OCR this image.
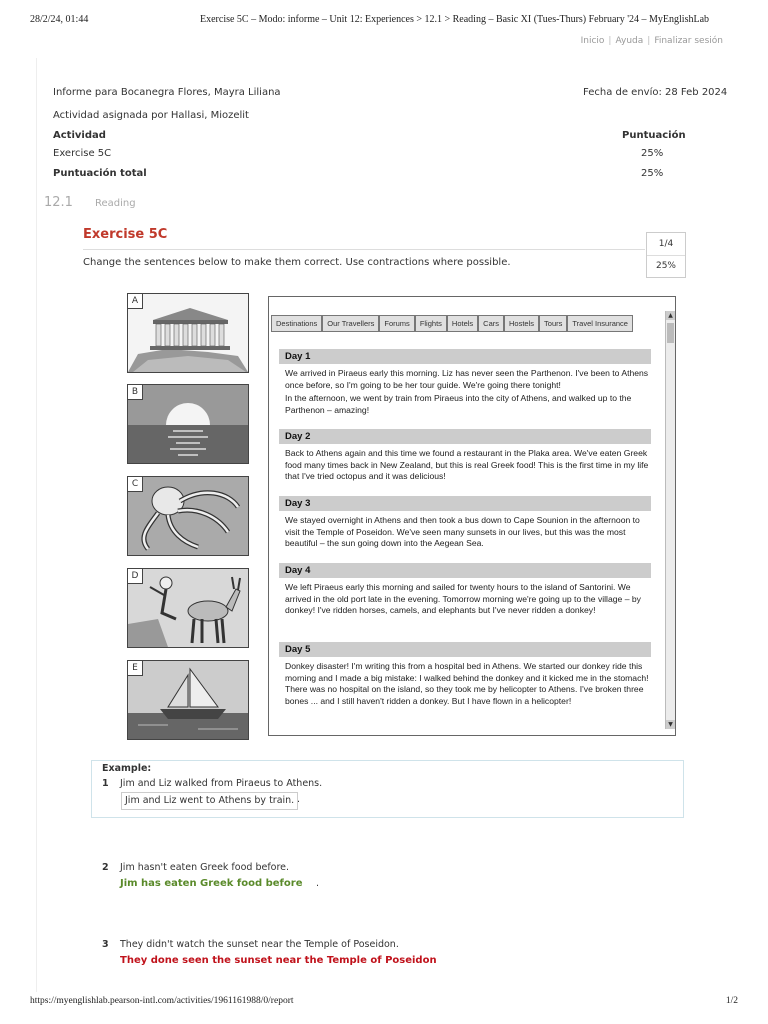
28/2/24, 01:44	Exercise 5C – Modo: informe – Unit 12: Experiences > 12.1 > Reading – Basic XI (Tues-Thurs) February '24 – MyEnglishLab
Inicio | Ayuda | Finalizar sesión
Informe para Bocanegra Flores, Mayra Liliana	Fecha de envío: 28 Feb 2024
Actividad asignada por Hallasi, Miozelit
Actividad	Puntuación
Exercise 5C	25%
Puntuación total	25%
12.1 Reading
Exercise 5C
1/4
25%
Change the sentences below to make them correct. Use contractions where possible.
A
B
C
D
E
Destinations	Our Travellers	Forums	Flights	Hotels	Cars	Hostels	Tours	Travel Insurance
▲
▼
Day 1
We arrived in Piraeus early this morning. Liz has never seen the Parthenon. I've been to Athens once before, so I'm going to be her tour guide. We're going there tonight!
In the afternoon, we went by train from Piraeus into the city of Athens, and walked up to the Parthenon – amazing!
Day 2
Back to Athens again and this time we found a restaurant in the Plaka area. We've eaten Greek food many times back in New Zealand, but this is real Greek food! This is the first time in my life that I've tried octopus and it was delicious!
Day 3
We stayed overnight in Athens and then took a bus down to Cape Sounion in the afternoon to visit the Temple of Poseidon. We've seen many sunsets in our lives, but this was the most beautiful – the sun going down into the Aegean Sea.
Day 4
We left Piraeus early this morning and sailed for twenty hours to the island of Santorini. We arrived in the old port late in the evening. Tomorrow morning we're going up to the village – by donkey! I've ridden horses, camels, and elephants but I've never ridden a donkey!
Day 5
Donkey disaster! I'm writing this from a hospital bed in Athens. We started our donkey ride this morning and I made a big mistake: I walked behind the donkey and it kicked me in the stomach! There was no hospital on the island, so they took me by helicopter to Athens. I've broken three bones ... and I still haven't ridden a donkey. But I have flown in a helicopter!
Example:
1 Jim and Liz walked from Piraeus to Athens.
Jim and Liz went to Athens by train. .
2 Jim hasn't eaten Greek food before.
Jim has eaten Greek food before .
3 They didn't watch the sunset near the Temple of Poseidon.
They done seen the sunset near the Temple of Poseidon
https://myenglishlab.pearson-intl.com/activities/1961161988/0/report	1/2
